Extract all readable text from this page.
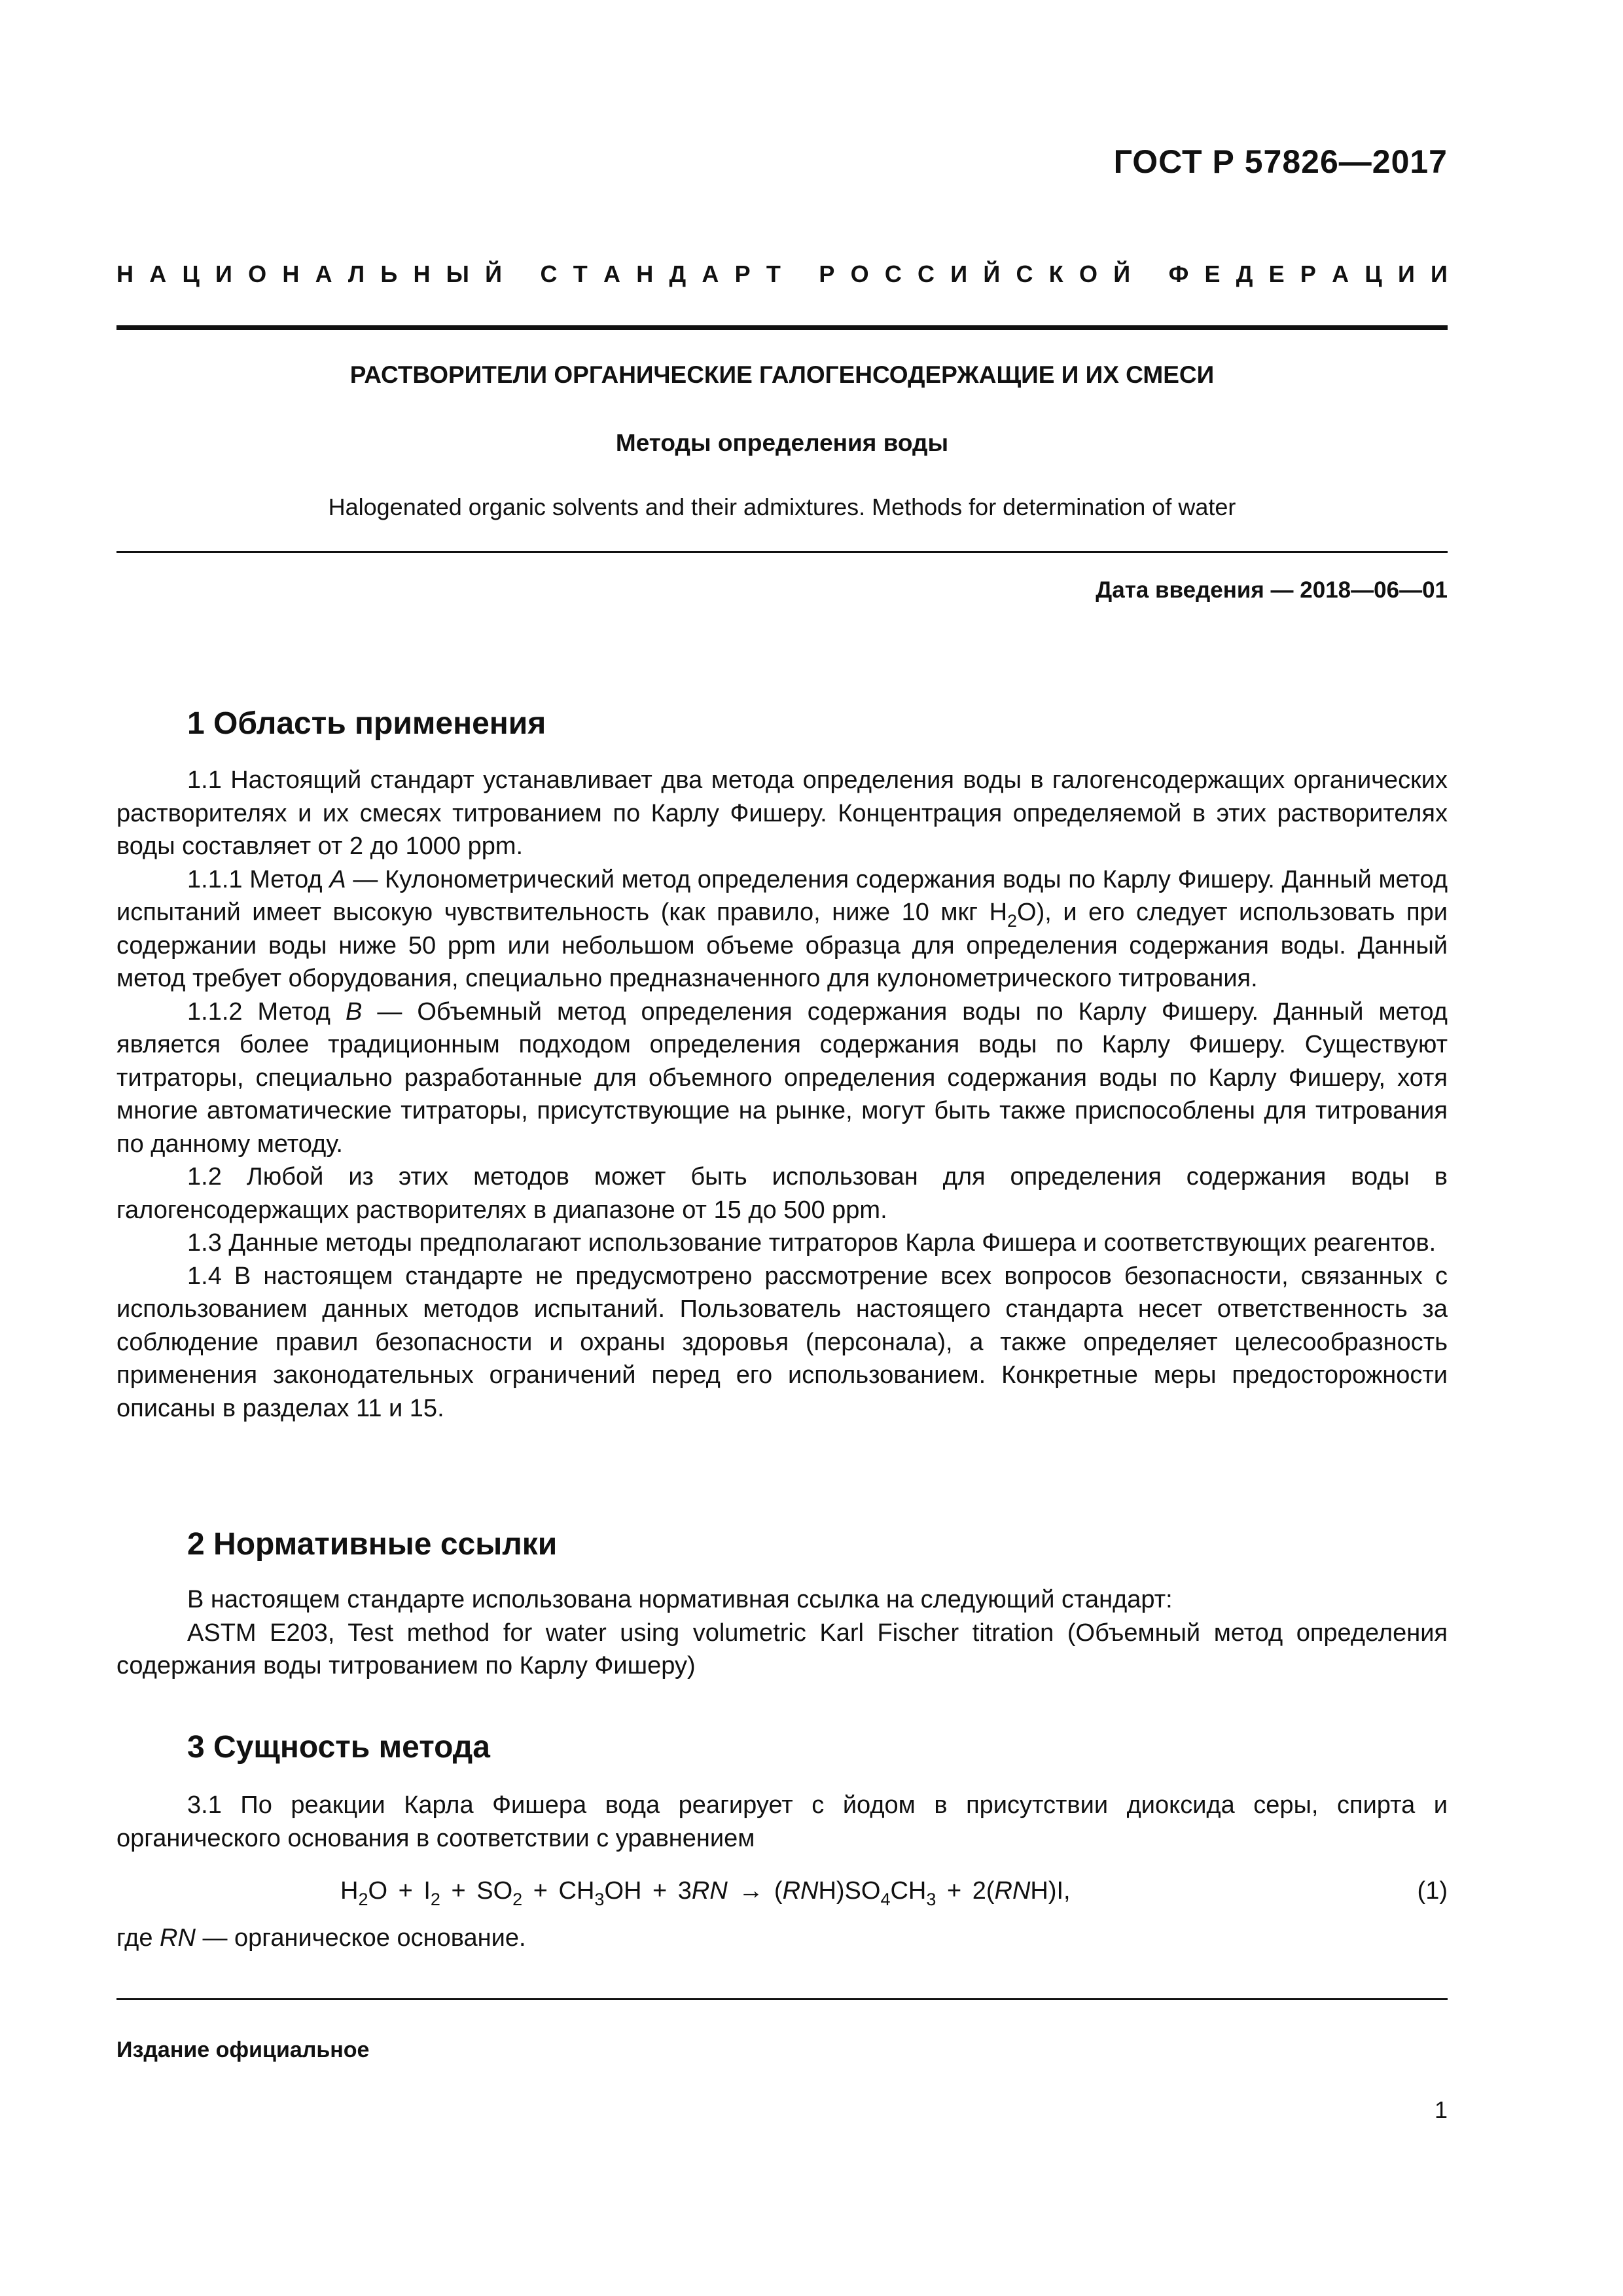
ГОСТ Р 57826—2017
Н А Ц И О Н А Л Ь Н Ы Й
С Т А Н Д А Р Т
Р О С С И Й С К О Й
Ф Е Д Е Р А Ц И И
РАСТВОРИТЕЛИ ОРГАНИЧЕСКИЕ ГАЛОГЕНСОДЕРЖАЩИЕ И ИХ СМЕСИ
Методы определения воды
Halogenated organic solvents and their admixtures. Methods for determination of water
Дата введения — 2018—06—01
1 Область применения

1.1 Настоящий стандарт устанавливает два метода определения воды в галогенсодержащих органических растворителях и их смесях титрованием по Карлу Фишеру. Концентрация определяемой в этих растворителях воды составляет от 2 до 1000 ppm.

1.1.1 Метод А — Кулонометрический метод определения содержания воды по Карлу Фишеру. Данный метод испытаний имеет высокую чувствительность (как правило, ниже 10 мкг $H_2O$), и его следует использовать при содержании воды ниже 50 ppm или небольшом объеме образца для определения содержания воды. Данный метод требует оборудования, специально предназначенного для кулонометрического титрования.

1.1.2 Метод В — Объемный метод определения содержания воды по Карлу Фишеру. Данный метод является более традиционным подходом определения содержания воды по Карлу Фишеру. Существуют титраторы, специально разработанные для объемного определения содержания воды по Карлу Фишеру, хотя многие автоматические титраторы, присутствующие на рынке, могут быть также приспособлены для титрования по данному методу.

1.2 Любой из этих методов может быть использован для определения содержания воды в галогенсодержащих растворителях в диапазоне от 15 до 500 ppm.

1.3 Данные методы предполагают использование титраторов Карла Фишера и соответствующих реагентов.

1.4 В настоящем стандарте не предусмотрено рассмотрение всех вопросов безопасности, связанных с использованием данных методов испытаний. Пользователь настоящего стандарта несет ответственность за соблюдение правил безопасности и охраны здоровья (персонала), а также определяет целесообразность применения законодательных ограничений перед его использованием. Конкретные меры предосторожности описаны в разделах 11 и 15.

2 Нормативные ссылки

В настоящем стандарте использована нормативная ссылка на следующий стандарт:

ASTM E203, Test method for water using volumetric Karl Fischer titration (Объемный метод определения содержания воды титрованием по Карлу Фишеру)

3 Сущность метода

3.1 По реакции Карла Фишера вода реагирует с йодом в присутствии диоксида серы, спирта и органического основания в соответствии с уравнением

$H_2O + I_2 + SO_2 + CH_3OH + 3RN \to (RNH)SO_4CH_3 + 2(RNH)I$,	(1)

где RN — органическое основание.

Издание официальное
1
